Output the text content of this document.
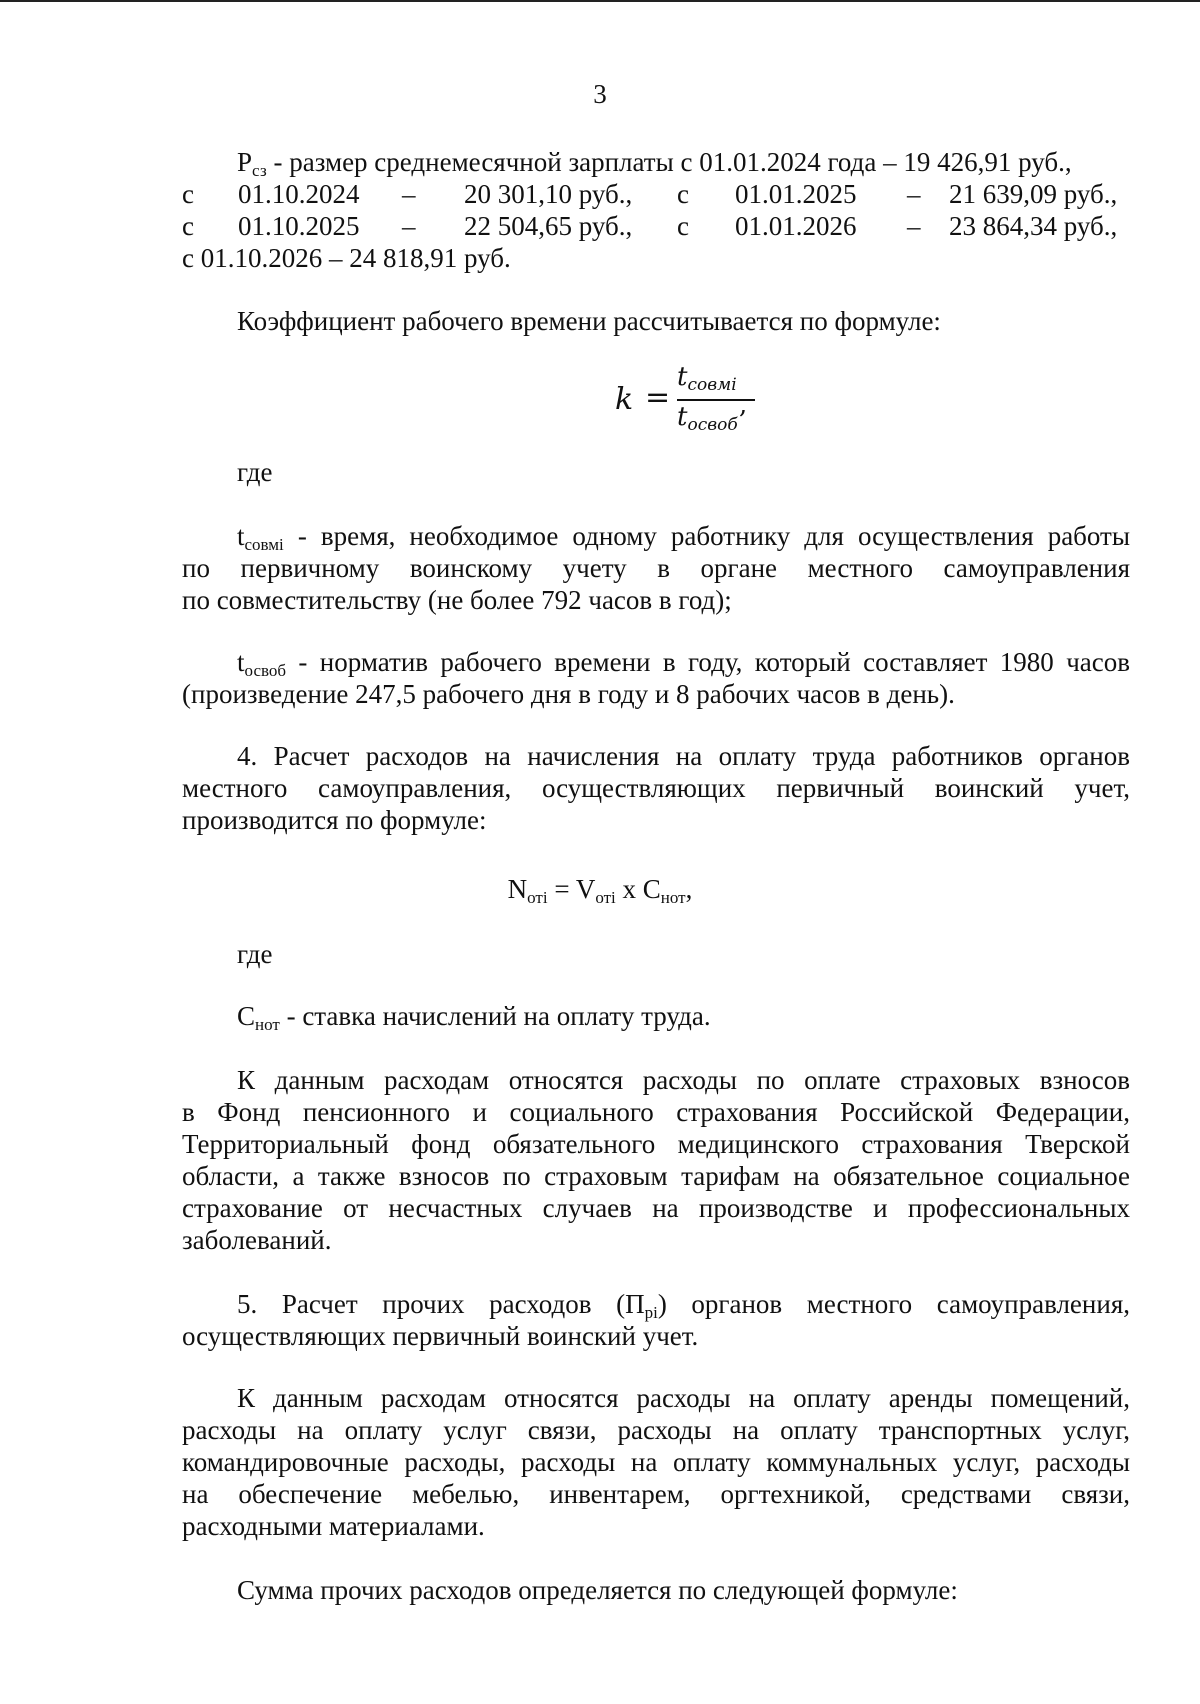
3
$Р_{сз}$ - размер среднемесячной зарплаты с 01.01.2024 года – 19 426,91 руб.,
с 01.10.2024 – 20 301,10 руб., с 01.01.2025 – 21 639,09 руб.,
с 01.10.2025 – 22 504,65 руб., с 01.01.2026 – 23 864,34 руб.,
с 01.10.2026 – 24 818,91 руб.
Коэффициент рабочего времени рассчитывается по формуле:
k =
$t_{совмi}$
$t_{освоб}$
,
где
$t_{совмi}$ - время, необходимое одному работнику для осуществления работы
по первичному воинскому учету в органе местного самоуправления
по совместительству (не более 792 часов в год);
$t_{освоб}$ - норматив рабочего времени в году, который составляет 1980 часов
(произведение 247,5 рабочего дня в году и 8 рабочих часов в день).
4. Расчет расходов на начисления на оплату труда работников органов
местного самоуправления, осуществляющих первичный воинский учет,
производится по формуле:
$N_{отi} = V_{отi}$ x $С_{нот}$,
где
$С_{нот}$ - ставка начислений на оплату труда.
К данным расходам относятся расходы по оплате страховых взносов
в Фонд пенсионного и социального страхования Российской Федерации,
Территориальный фонд обязательного медицинского страхования Тверской
области, а также взносов по страховым тарифам на обязательное социальное
страхование от несчастных случаев на производстве и профессиональных
заболеваний.
5. Расчет прочих расходов $(П_{рi})$ органов местного самоуправления,
осуществляющих первичный воинский учет.
К данным расходам относятся расходы на оплату аренды помещений,
расходы на оплату услуг связи, расходы на оплату транспортных услуг,
командировочные расходы, расходы на оплату коммунальных услуг, расходы
на обеспечение мебелью, инвентарем, оргтехникой, средствами связи,
расходными материалами.
Сумма прочих расходов определяется по следующей формуле:
